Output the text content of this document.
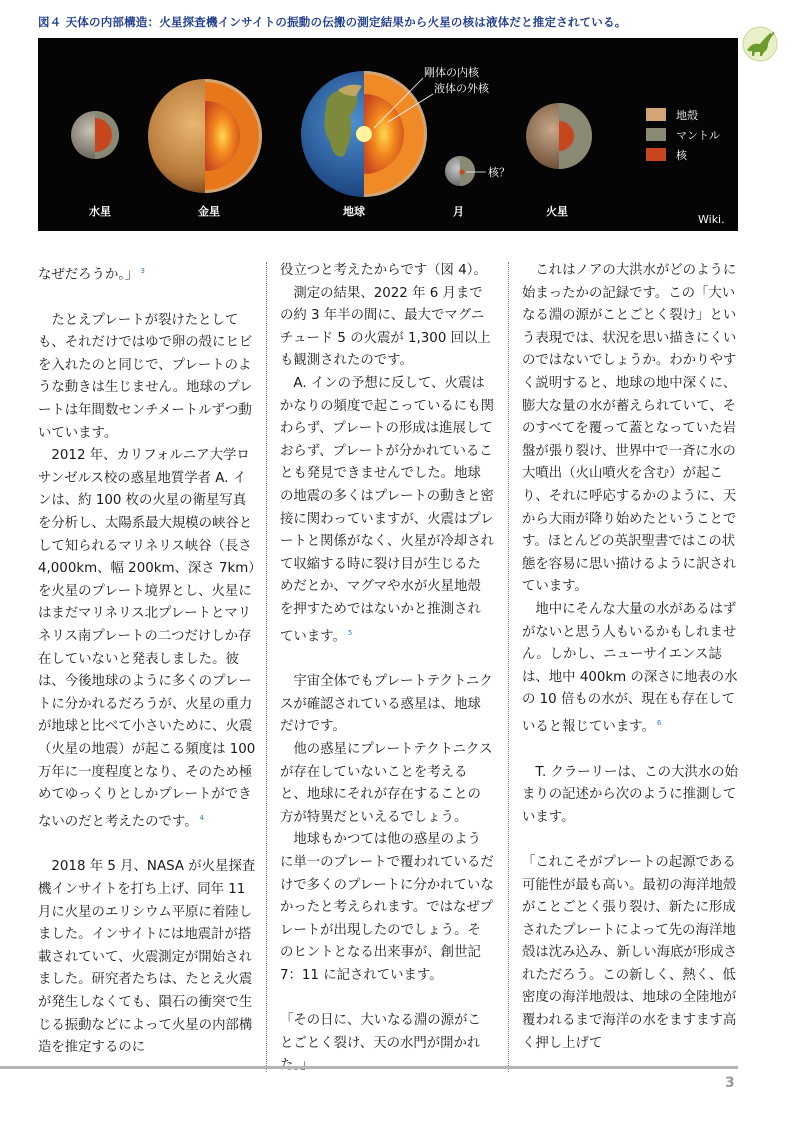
図４ 天体の内部構造：火星探査機インサイトの振動の伝搬の測定結果から火星の核は液体だと推定されている。
地殻
マントル
核
剛体の内核
液体の外核
核？
水星	金星	地球	月	火星
Wiki.

なぜだろうか。」 $^3$

　たとえプレートが裂けたとしても、それだけではゆで卵の殻にヒビを入れたのと同じで、プレートのような動きは生じません。地球のプレートは年間数センチメートルずつ動いています。

　2012 年、カリフォルニア大学ロサンゼルス校の惑星地質学者 A. インは、約 100 枚の火星の衛星写真を分析し、太陽系最大規模の峡谷として知られるマリネリス峡谷（長さ 4,000km、幅 200km、深さ 7km）を火星のプレート境界とし、火星にはまだマリネリス北プレートとマリネリス南プレートの二つだけしか存在していないと発表しました。彼は、今後地球のように多くのプレートに分かれるだろうが、火星の重力が地球と比べて小さいために、火震（火星の地震）が起こる頻度は 100 万年に一度程度となり、そのため極めてゆっくりとしかプレートができないのだと考えたのです。 $^4$

　2018 年 5 月、NASA が火星探査機インサイトを打ち上げ、同年 11 月に火星のエリシウム平原に着陸しました。インサイトには地震計が搭載されていて、火震測定が開始されました。研究者たちは、たとえ火震が発生しなくても、隕石の衝突で生じる振動などによって火星の内部構造を推定するのに

役立つと考えたからです（図 4）。

　測定の結果、2022 年 6 月までの約 3 年半の間に、最大でマグニチュード 5 の火震が 1,300 回以上も観測されたのです。

　A. インの予想に反して、火震はかなりの頻度で起こっているにも関わらず、プレートの形成は進展しておらず、プレートが分かれていることも発見できませんでした。地球の地震の多くはプレートの動きと密接に関わっていますが、火震はプレートと関係がなく、火星が冷却されて収縮する時に裂け目が生じるためだとか、マグマや水が火星地殻を押すためではないかと推測されています。 $^5$

　宇宙全体でもプレートテクトニクスが確認されている惑星は、地球だけです。

　他の惑星にプレートテクトニクスが存在していないことを考えると、地球にそれが存在することの方が特異だといえるでしょう。

　地球もかつては他の惑星のように単一のプレートで覆われているだけで多くのプレートに分かれていなかったと考えられます。ではなぜプレートが出現したのでしょう。そのヒントとなる出来事が、創世記 7：11 に記されています。

「その日に、大いなる淵の源がことごとく裂け、天の水門が開かれ

　これはノアの大洪水がどのように始まったかの記録です。この「大いなる淵の源がことごとく裂け」という表現では、状況を思い描きにくいのではないでしょうか。わかりやすく説明すると、地球の地中深くに、膨大な量の水が蓄えられていて、そのすべてを覆って蓋となっていた岩盤が張り裂け、世界中で一斉に水の大噴出（火山噴火を含む）が起こり、それに呼応するかのように、天から大雨が降り始めたということです。ほとんどの英訳聖書ではこの状態を容易に思い描けるように訳されています。

　地中にそんな大量の水があるはずがないと思う人もいるかもしれません。しかし、ニューサイエンス誌は、地中 400km の深さに地表の水の 10 倍もの水が、現在も存在していると報じています。 $^6$

　T. クラーリーは、この大洪水の始まりの記述から次のように推測しています。

「これこそがプレートの起源である可能性が最も高い。最初の海洋地殻がことごとく張り裂け、新たに形成されたプレートによって先の海洋地殻は沈み込み、新しい海底が形成されただろう。この新しく、熱く、低密度の海洋地殻は、地球の全陸地が覆われるまで海洋の水をますます高く押し上げて

3
